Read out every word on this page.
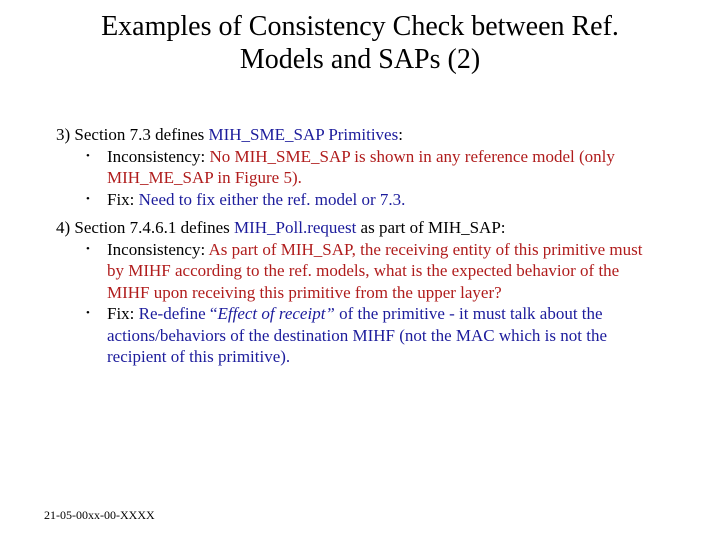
Examples of Consistency Check between Ref.
Models and SAPs (2)
3) Section 7.3 defines MIH_SME_SAP Primitives:
• Inconsistency: No MIH_SME_SAP is shown in any reference model (only MIH_ME_SAP in Figure 5).
• Fix: Need to fix either the ref. model or 7.3.
4) Section 7.4.6.1 defines MIH_Poll.request as part of MIH_SAP:
• Inconsistency: As part of MIH_SAP, the receiving entity of this primitive must by MIHF according to the ref. models, what is the expected behavior of the MIHF upon receiving this primitive from the upper layer?
• Fix: Re-define “Effect of receipt” of the primitive - it must talk about the actions/behaviors of the destination MIHF (not the MAC which is not the recipient of this primitive).
21-05-00xx-00-XXXX
